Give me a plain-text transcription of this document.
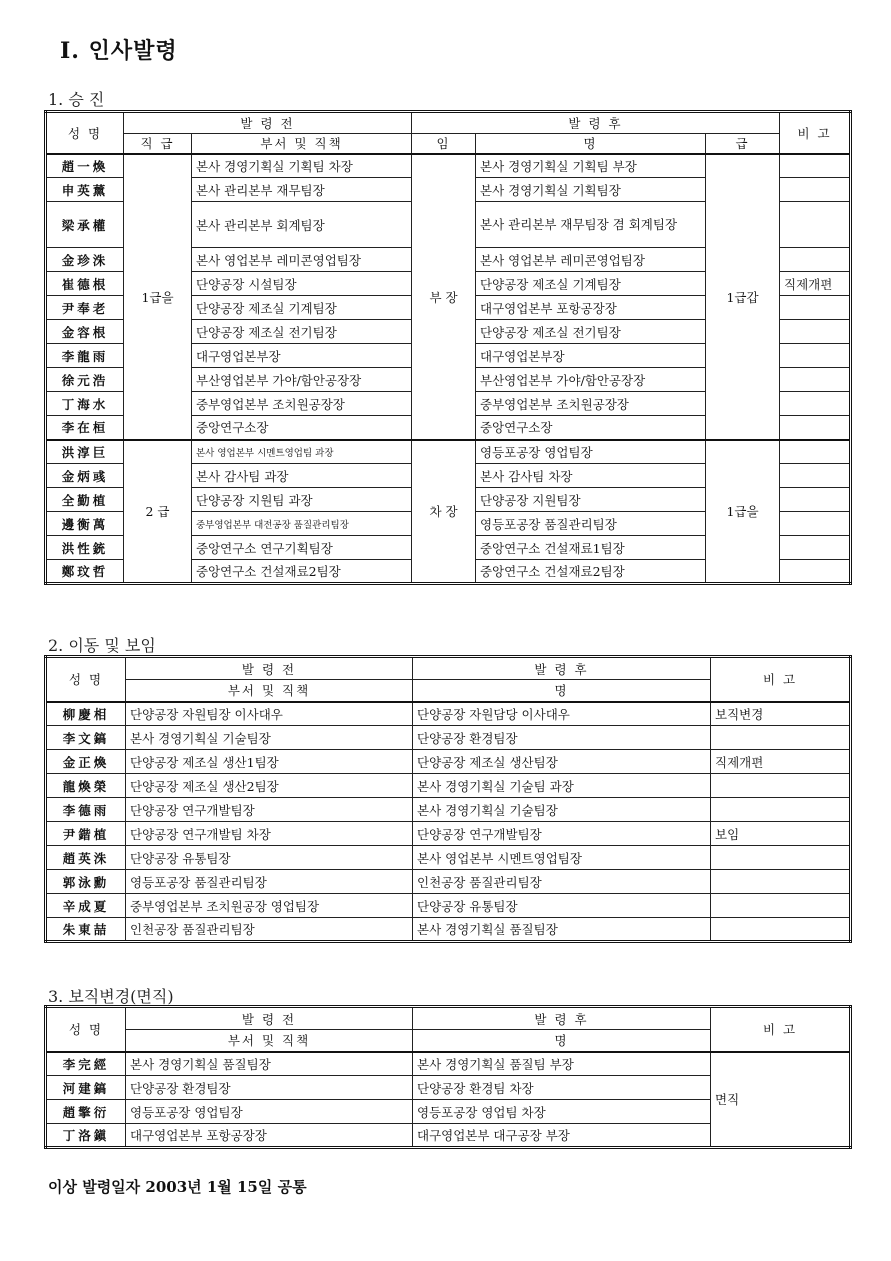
Ⅰ. 인사발령
1. 승 진
성 명	발 령 전		발 령 후			비 고
	직 급	부서 및 직책	임	명	급	
趙一煥	1급을	본사 경영기획실 기획팀 차장	부 장	본사 경영기획실 기획팀 부장	1급갑	
申英薰		본사 관리본부 재무팀장		본사 경영기획실 기획팀장		
梁承權		본사 관리본부 회계팀장		본사 관리본부 재무팀장 겸 회계팀장		
金珍洙		본사 영업본부 레미콘영업팀장		본사 영업본부 레미콘영업팀장		
崔德根		단양공장 시설팀장		단양공장 제조실 기계팀장		직제개편
尹奉老		단양공장 제조실 기계팀장		대구영업본부 포항공장장		
金容根		단양공장 제조실 전기팀장		단양공장 제조실 전기팀장		
李龍雨		대구영업본부장		대구영업본부장		
徐元浩		부산영업본부 가야/함안공장장		부산영업본부 가야/함안공장장		
丁海水		중부영업본부 조치원공장장		중부영업본부 조치원공장장		
李在桓		중앙연구소장		중앙연구소장		
洪淳巨	2 급	본사 영업본부 시멘트영업팀 과장	차 장	영등포공장 영업팀장	1급을	
金炳彧		본사 감사팀 과장		본사 감사팀 차장		
全勤植		단양공장 지원팀 과장		단양공장 지원팀장		
邊衡萬		중부영업본부 대전공장 품질관리팀장		영등포공장 품질관리팀장		
洪性銃		중앙연구소 연구기획팀장		중앙연구소 건설재료1팀장		
鄭玟哲		중앙연구소 건설재료2팀장		중앙연구소 건설재료2팀장		
2. 이동 및 보임
성 명	발 령 전	발 령 후	비 고
	부서 및 직책	명	
柳慶相	단양공장 자원팀장 이사대우	단양공장 자원담당 이사대우	보직변경
李文鎬	본사 경영기획실 기술팀장	단양공장 환경팀장	
金正煥	단양공장 제조실 생산1팀장	단양공장 제조실 생산팀장	직제개편
龍煥榮	단양공장 제조실 생산2팀장	본사 경영기획실 기술팀 과장	
李德雨	단양공장 연구개발팀장	본사 경영기획실 기술팀장	
尹鍇植	단양공장 연구개발팀 차장	단양공장 연구개발팀장	보임
趙英洙	단양공장 유통팀장	본사 영업본부 시멘트영업팀장	
郭泳勳	영등포공장 품질관리팀장	인천공장 품질관리팀장	
辛成夏	중부영업본부 조치원공장 영업팀장	단양공장 유통팀장	
朱東喆	인천공장 품질관리팀장	본사 경영기획실 품질팀장	
3. 보직변경(면직)
성 명	발 령 전	발 령 후	비 고
	부서 및 직책	명	
李完經	본사 경영기획실 품질팀장	본사 경영기획실 품질팀 부장	면직
河建鎬	단양공장 환경팀장	단양공장 환경팀 차장	
趙擎衍	영등포공장 영업팀장	영등포공장 영업팀 차장	
丁洛鎭	대구영업본부 포항공장장	대구영업본부 대구공장 부장	
이상 발령일자 2003년 1월 15일 공통
